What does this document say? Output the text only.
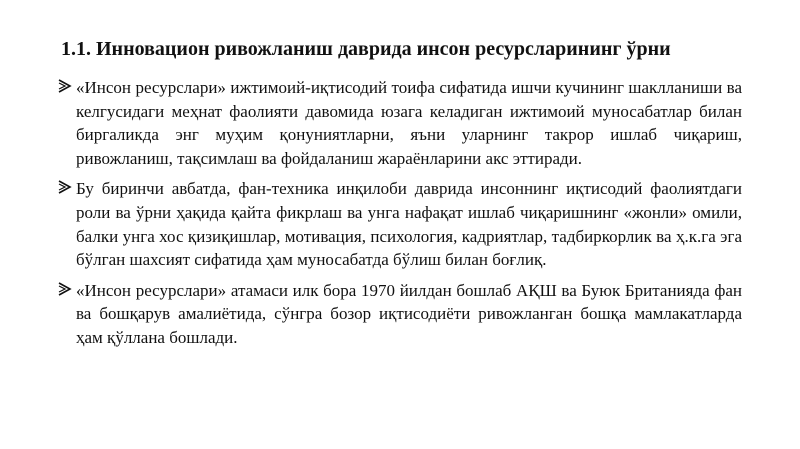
1.1. Инновацион ривожланиш даврида инсон ресурсларининг ўрни
«Инсон ресурслари» ижтимоий-иқтисодий тоифа сифатида ишчи кучининг шаклланиши ва келгусидаги меҳнат фаолияти давомида юзага келадиган ижтимоий муносабатлар билан биргаликда энг муҳим қонуниятларни, яъни уларнинг такрор ишлаб чиқариш, ривожланиш, тақсимлаш ва фойдаланиш жараёнларини акс эттиради.
Бу биринчи авбатда, фан-техника инқилоби даврида инсоннинг иқтисодий фаолиятдаги роли ва ўрни ҳақида қайта фикрлаш ва унга нафақат ишлаб чиқаришнинг «жонли» омили, балки унга хос қизиқишлар, мотивация, психология, кадриятлар, тадбиркорлик ва ҳ.к.га эга бўлган шахсият сифатида ҳам муносабатда бўлиш билан боғлиқ.
«Инсон ресурслари» атамаси илк бора 1970 йилдан бошлаб АҚШ ва Буюк Британияда фан ва бошқарув амалиётида, сўнгра бозор иқтисодиёти ривожланган бошқа мамлакатларда ҳам қўллана бошлади.
